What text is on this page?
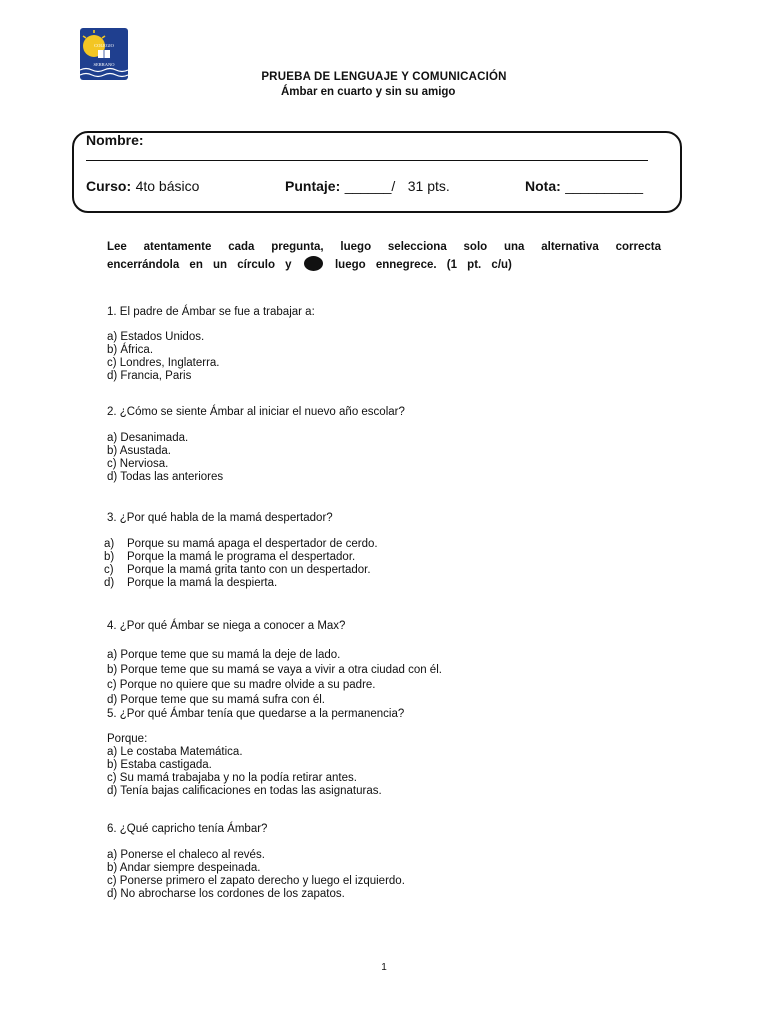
COLEGIO
SERRANO
PRUEBA DE LENGUAJE Y COMUNICACIÓN
Ámbar en cuarto y sin su amigo
Nombre:
Curso: 4to básico	Puntaje: ______/ 31 pts.	Nota: __________
Lee atentamente cada pregunta, luego selecciona solo una alternativa correcta
encerrándola en un círculo y	luego ennegrece. (1 pt. c/u)
1. El padre de Ámbar se fue a trabajar a:

a) Estados Unidos.

b) África.

c) Londres, Inglaterra.

d) Francia, Paris

2. ¿Cómo se siente Ámbar al iniciar el nuevo año escolar?

a) Desanimada.

b) Asustada.

c) Nerviosa.

d) Todas las anteriores

3. ¿Por qué habla de la mamá despertador?

a) Porque su mamá apaga el despertador de cerdo.

b) Porque la mamá le programa el despertador.

c) Porque la mamá grita tanto con un despertador.

d) Porque la mamá la despierta.

4. ¿Por qué Ámbar se niega a conocer a Max?

a) Porque teme que su mamá la deje de lado.

b) Porque teme que su mamá se vaya a vivir a otra ciudad con él.

c) Porque no quiere que su madre olvide a su padre.

d) Porque teme que su mamá sufra con él.

5. ¿Por qué Ámbar tenía que quedarse a la permanencia?

Porque:

a) Le costaba Matemática.

b) Estaba castigada.

c) Su mamá trabajaba y no la podía retirar antes.

d) Tenía bajas calificaciones en todas las asignaturas.

6. ¿Qué capricho tenía Ámbar?

a) Ponerse el chaleco al revés.

b) Andar siempre despeinada.

c) Ponerse primero el zapato derecho y luego el izquierdo.

d) No abrocharse los cordones de los zapatos.

1
